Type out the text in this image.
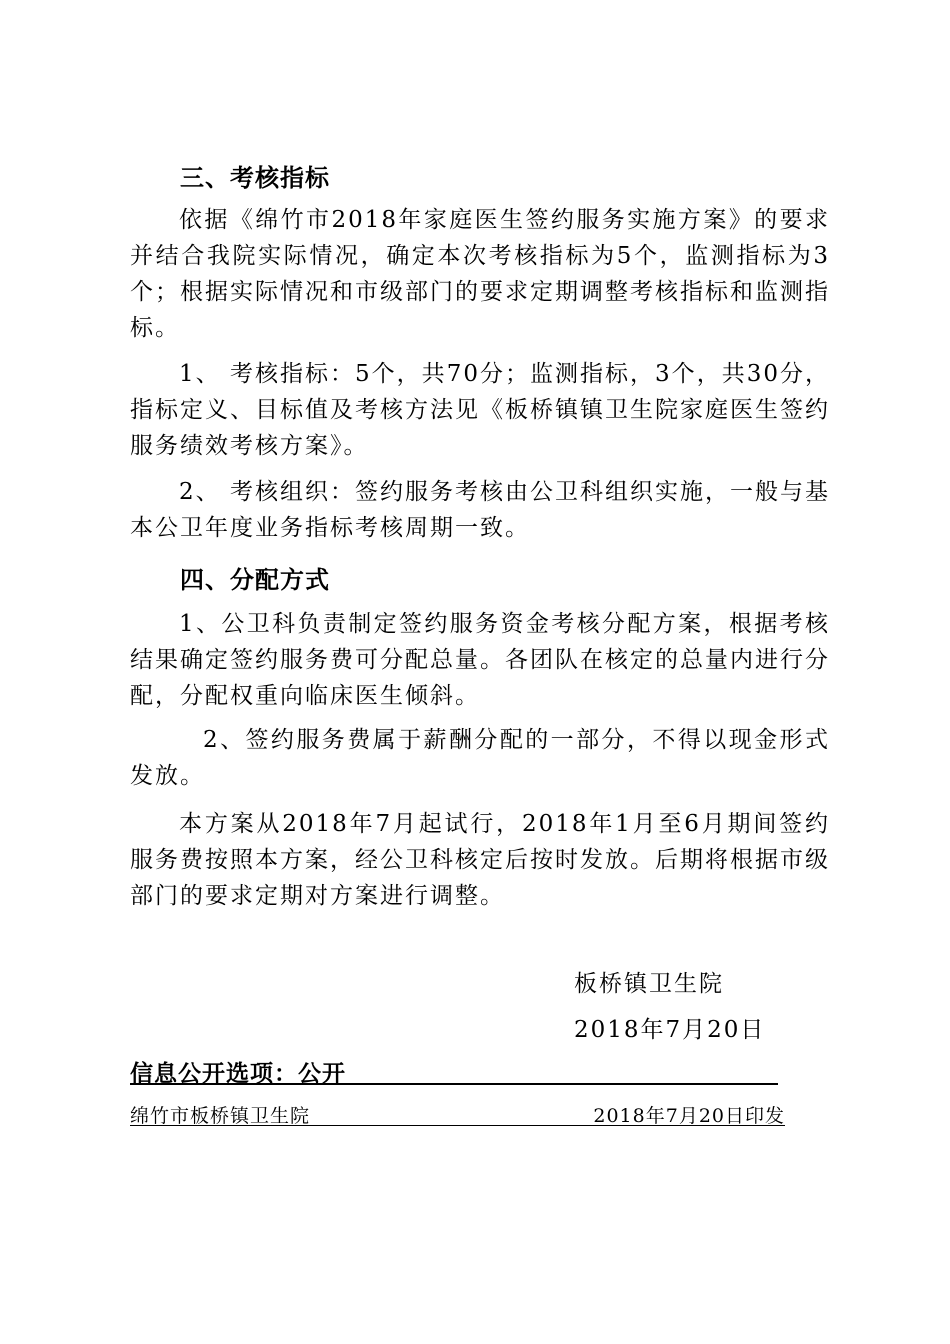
三、考核指标

依据《绵竹市2018年家庭医生签约服务实施方案》的要求并结合我院实际情况，确定本次考核指标为5个，监测指标为3个；根据实际情况和市级部门的要求定期调整考核指标和监测指标。

1、 考核指标：5个，共70分；监测指标，3个，共30分，指标定义、目标值及考核方法见《板桥镇镇卫生院家庭医生签约服务绩效考核方案》。

2、 考核组织：签约服务考核由公卫科组织实施，一般与基本公卫年度业务指标考核周期一致。

四、分配方式

1、公卫科负责制定签约服务资金考核分配方案，根据考核结果确定签约服务费可分配总量。各团队在核定的总量内进行分配，分配权重向临床医生倾斜。

2、签约服务费属于薪酬分配的一部分，不得以现金形式发放。

本方案从2018年7月起试行，2018年1月至6月期间签约服务费按照本方案，经公卫科核定后按时发放。后期将根据市级部门的要求定期对方案进行调整。

板桥镇卫生院
2018年7月20日
信息公开选项：公开
绵竹市板桥镇卫生院	2018年7月20日印发
